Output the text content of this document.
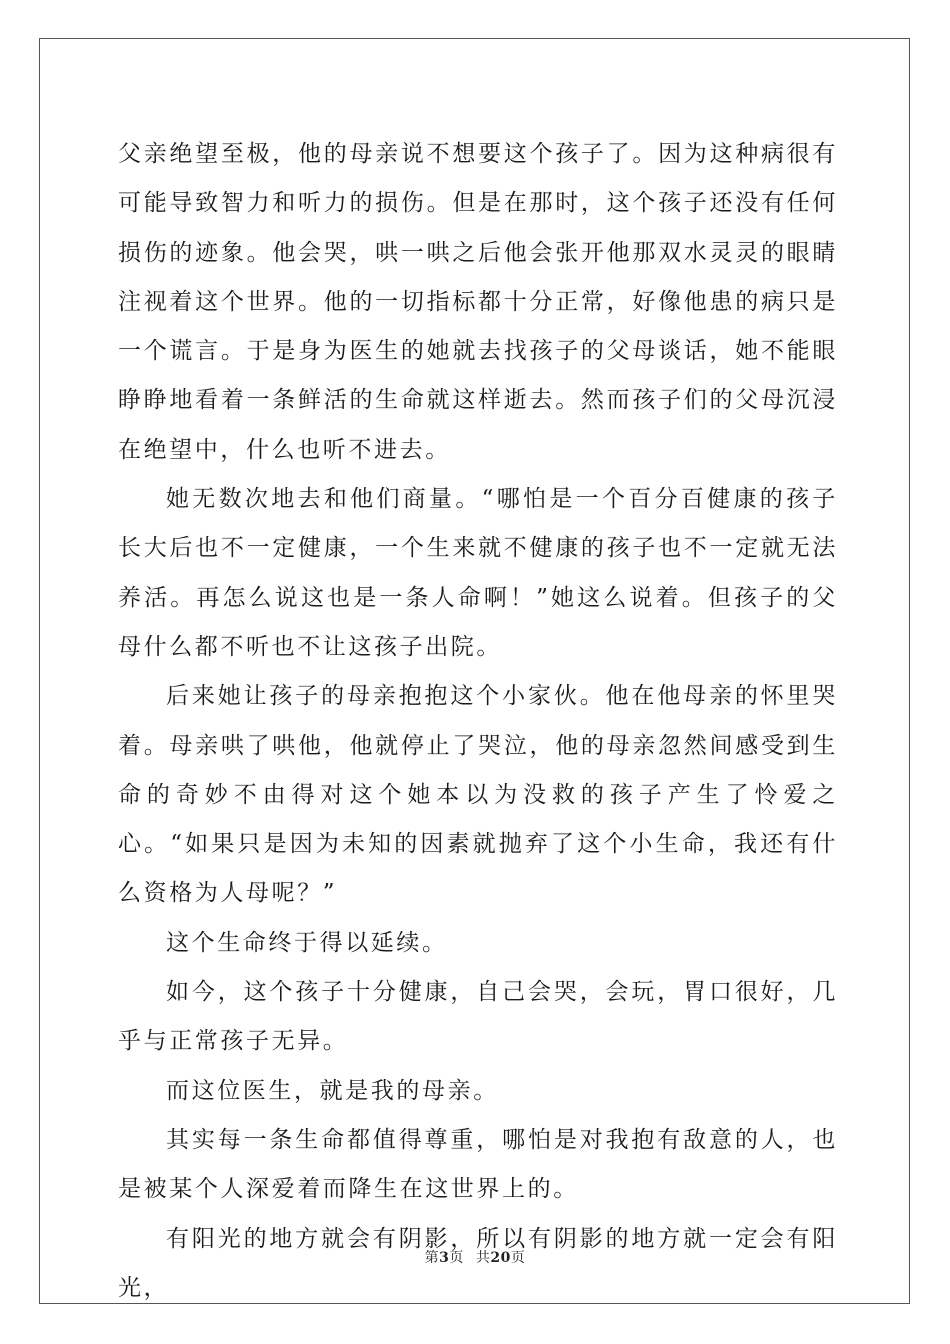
父亲绝望至极，他的母亲说不想要这个孩子了。因为这种病很有可能导致智力和听力的损伤。但是在那时，这个孩子还没有任何损伤的迹象。他会哭，哄一哄之后他会张开他那双水灵灵的眼睛注视着这个世界。他的一切指标都十分正常，好像他患的病只是一个谎言。于是身为医生的她就去找孩子的父母谈话，她不能眼睁睁地看着一条鲜活的生命就这样逝去。然而孩子们的父母沉浸在绝望中，什么也听不进去。

她无数次地去和他们商量。“哪怕是一个百分百健康的孩子长大后也不一定健康，一个生来就不健康的孩子也不一定就无法养活。再怎么说这也是一条人命啊！”她这么说着。但孩子的父母什么都不听也不让这孩子出院。

后来她让孩子的母亲抱抱这个小家伙。他在他母亲的怀里哭着。母亲哄了哄他，他就停止了哭泣，他的母亲忽然间感受到生命的奇妙不由得对这个她本以为没救的孩子产生了怜爱之心。“如果只是因为未知的因素就抛弃了这个小生命，我还有什么资格为人母呢？”

这个生命终于得以延续。

如今，这个孩子十分健康，自己会哭，会玩，胃口很好，几乎与正常孩子无异。

而这位医生，就是我的母亲。

其实每一条生命都值得尊重，哪怕是对我抱有敌意的人，也是被某个人深爱着而降生在这世界上的。

有阳光的地方就会有阴影，所以有阴影的地方就一定会有阳光，

第3页 共20页
